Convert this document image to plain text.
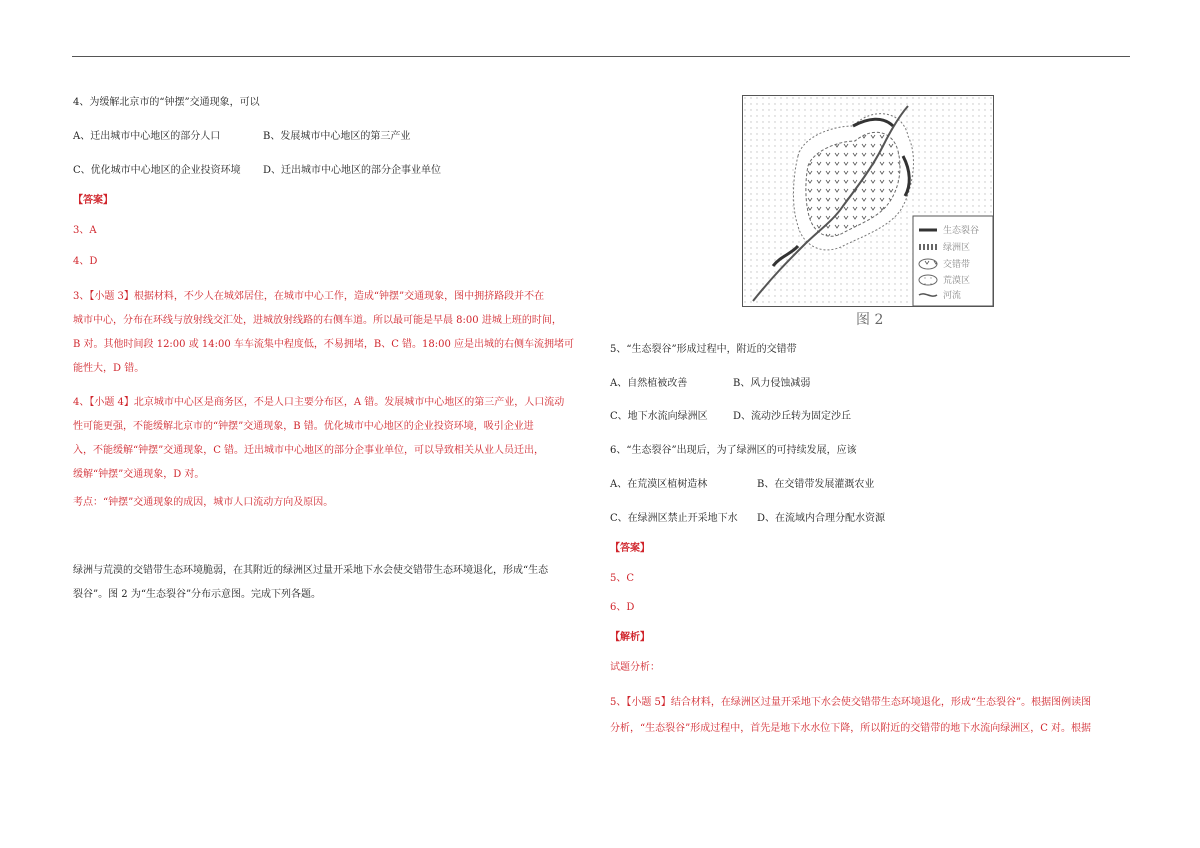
4、为缓解北京市的“钟摆”交通现象，可以
A、迁出城市中心地区的部分人口	B、发展城市中心地区的第三产业
C、优化城市中心地区的企业投资环境 D、迁出城市中心地区的部分企事业单位
【答案】
3、A
4、D
3、【小题 3】根据材料，不少人在城郊居住，在城市中心工作，造成“钟摆”交通现象，图中拥挤路段并不在
城市中心，分布在环线与放射线交汇处，进城放射线路的右侧车道。所以最可能是早晨 8:00 进城上班的时间，
B 对。其他时间段 12:00 或 14:00 车车流集中程度低，不易拥堵，B、C 错。18:00 应是出城的右侧车流拥堵可
能性大，D 错。
4、【小题 4】北京城市中心区是商务区，不是人口主要分布区，A 错。发展城市中心地区的第三产业，人口流动
性可能更强，不能缓解北京市的“钟摆”交通现象，B 错。优化城市中心地区的企业投资环境，吸引企业进
入，不能缓解“钟摆”交通现象，C 错。迁出城市中心地区的部分企事业单位，可以导致相关从业人员迁出，
缓解“钟摆”交通现象，D 对。
考点：“钟摆”交通现象的成因，城市人口流动方向及原因。
绿洲与荒漠的交错带生态环境脆弱，在其附近的绿洲区过量开采地下水会使交错带生态环境退化，形成“生态
裂谷”。图 2 为“生态裂谷”分布示意图。完成下列各题。
生态裂谷
绿洲区
交错带
荒漠区
河流
图 2
5、“生态裂谷”形成过程中，附近的交错带
A、自然植被改善	B、风力侵蚀减弱
C、地下水流向绿洲区	D、流动沙丘转为固定沙丘
6、“生态裂谷”出现后，为了绿洲区的可持续发展，应该
A、在荒漠区植树造林	B、在交错带发展灌溉农业
C、在绿洲区禁止开采地下水 D、在流域内合理分配水资源
【答案】
5、C
6、D
【解析】
试题分析：
5、【小题 5】结合材料，在绿洲区过量开采地下水会使交错带生态环境退化，形成“生态裂谷”。根据图例读图
分析，“生态裂谷”形成过程中，首先是地下水水位下降，所以附近的交错带的地下水流向绿洲区，C 对。根据
